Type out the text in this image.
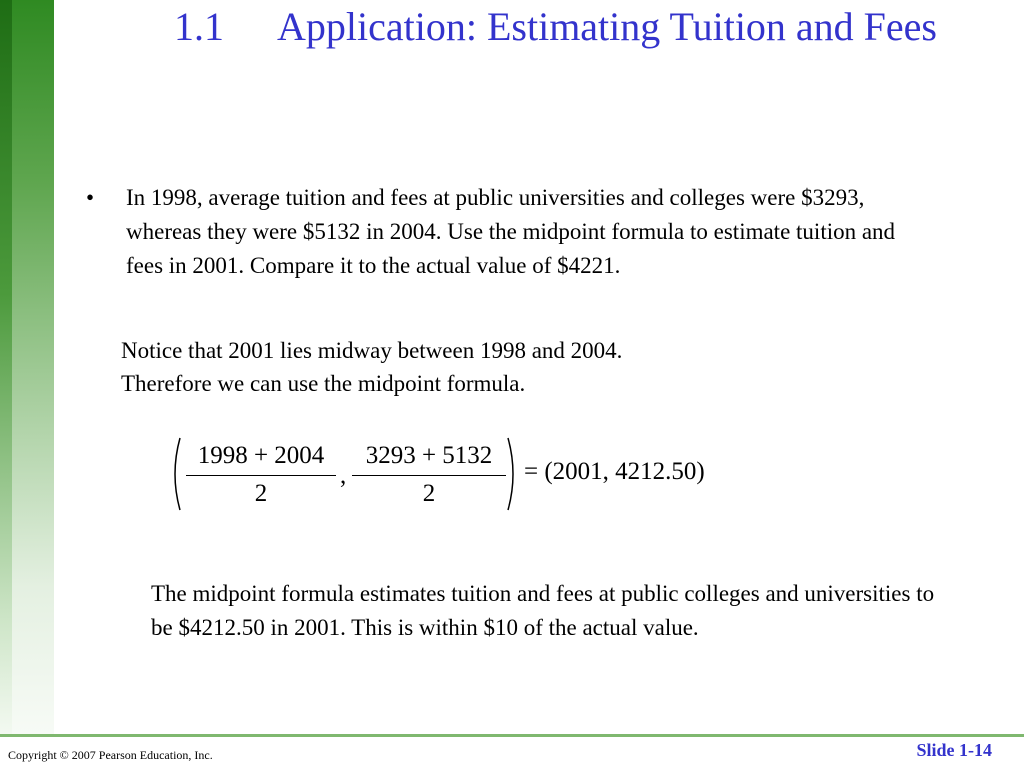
1.1 Application: Estimating Tuition and Fees
• In 1998, average tuition and fees at public universities and colleges were $3293, whereas they were $5132 in 2004. Use the midpoint formula to estimate tuition and fees in 2001. Compare it to the actual value of $4221.
Notice that 2001 lies midway between 1998 and 2004.
Therefore we can use the midpoint formula.
1998 + 2004
2
,
3293 + 5132
2
= (2001, 4212.50)
The midpoint formula estimates tuition and fees at public colleges and universities to be $4212.50 in 2001. This is within $10 of the actual value.
Copyright © 2007 Pearson Education, Inc.	Slide 1-14
